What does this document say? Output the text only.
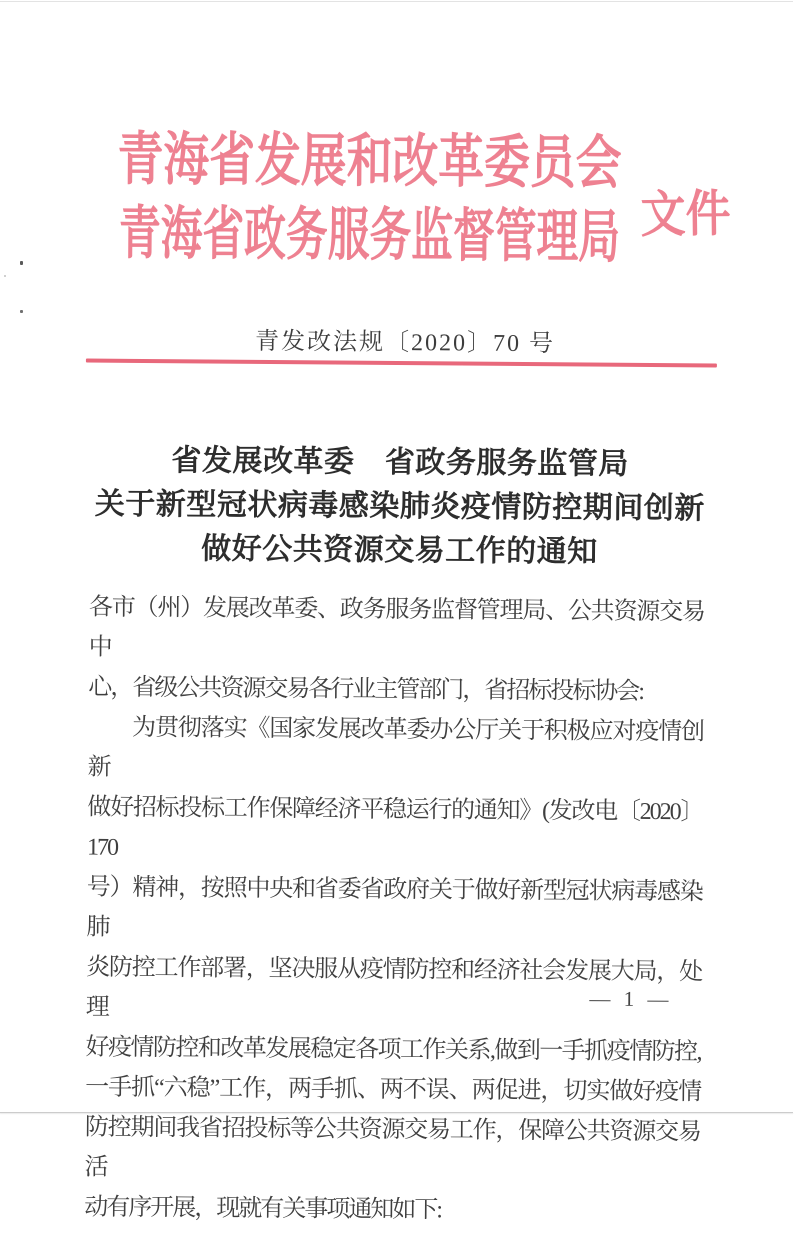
青海省发展和改革委员会
青海省政务服务监督管理局 文件
青发改法规〔2020〕70 号
省发展改革委　省政务服务监管局
关于新型冠状病毒感染肺炎疫情防控期间创新
做好公共资源交易工作的通知
各市（州）发展改革委、政务服务监督管理局、公共资源交易中
心，省级公共资源交易各行业主管部门，省招标投标协会:
为贯彻落实《国家发展改革委办公厅关于积极应对疫情创新
做好招标投标工作保障经济平稳运行的通知》(发改电〔2020〕170
号）精神，按照中央和省委省政府关于做好新型冠状病毒感染肺
炎防控工作部署，坚决服从疫情防控和经济社会发展大局，处理
好疫情防控和改革发展稳定各项工作关系,做到一手抓疫情防控,
一手抓“六稳”工作，两手抓、两不误、两促进，切实做好疫情
防控期间我省招投标等公共资源交易工作，保障公共资源交易活
动有序开展，现就有关事项通知如下:
— 1 —
